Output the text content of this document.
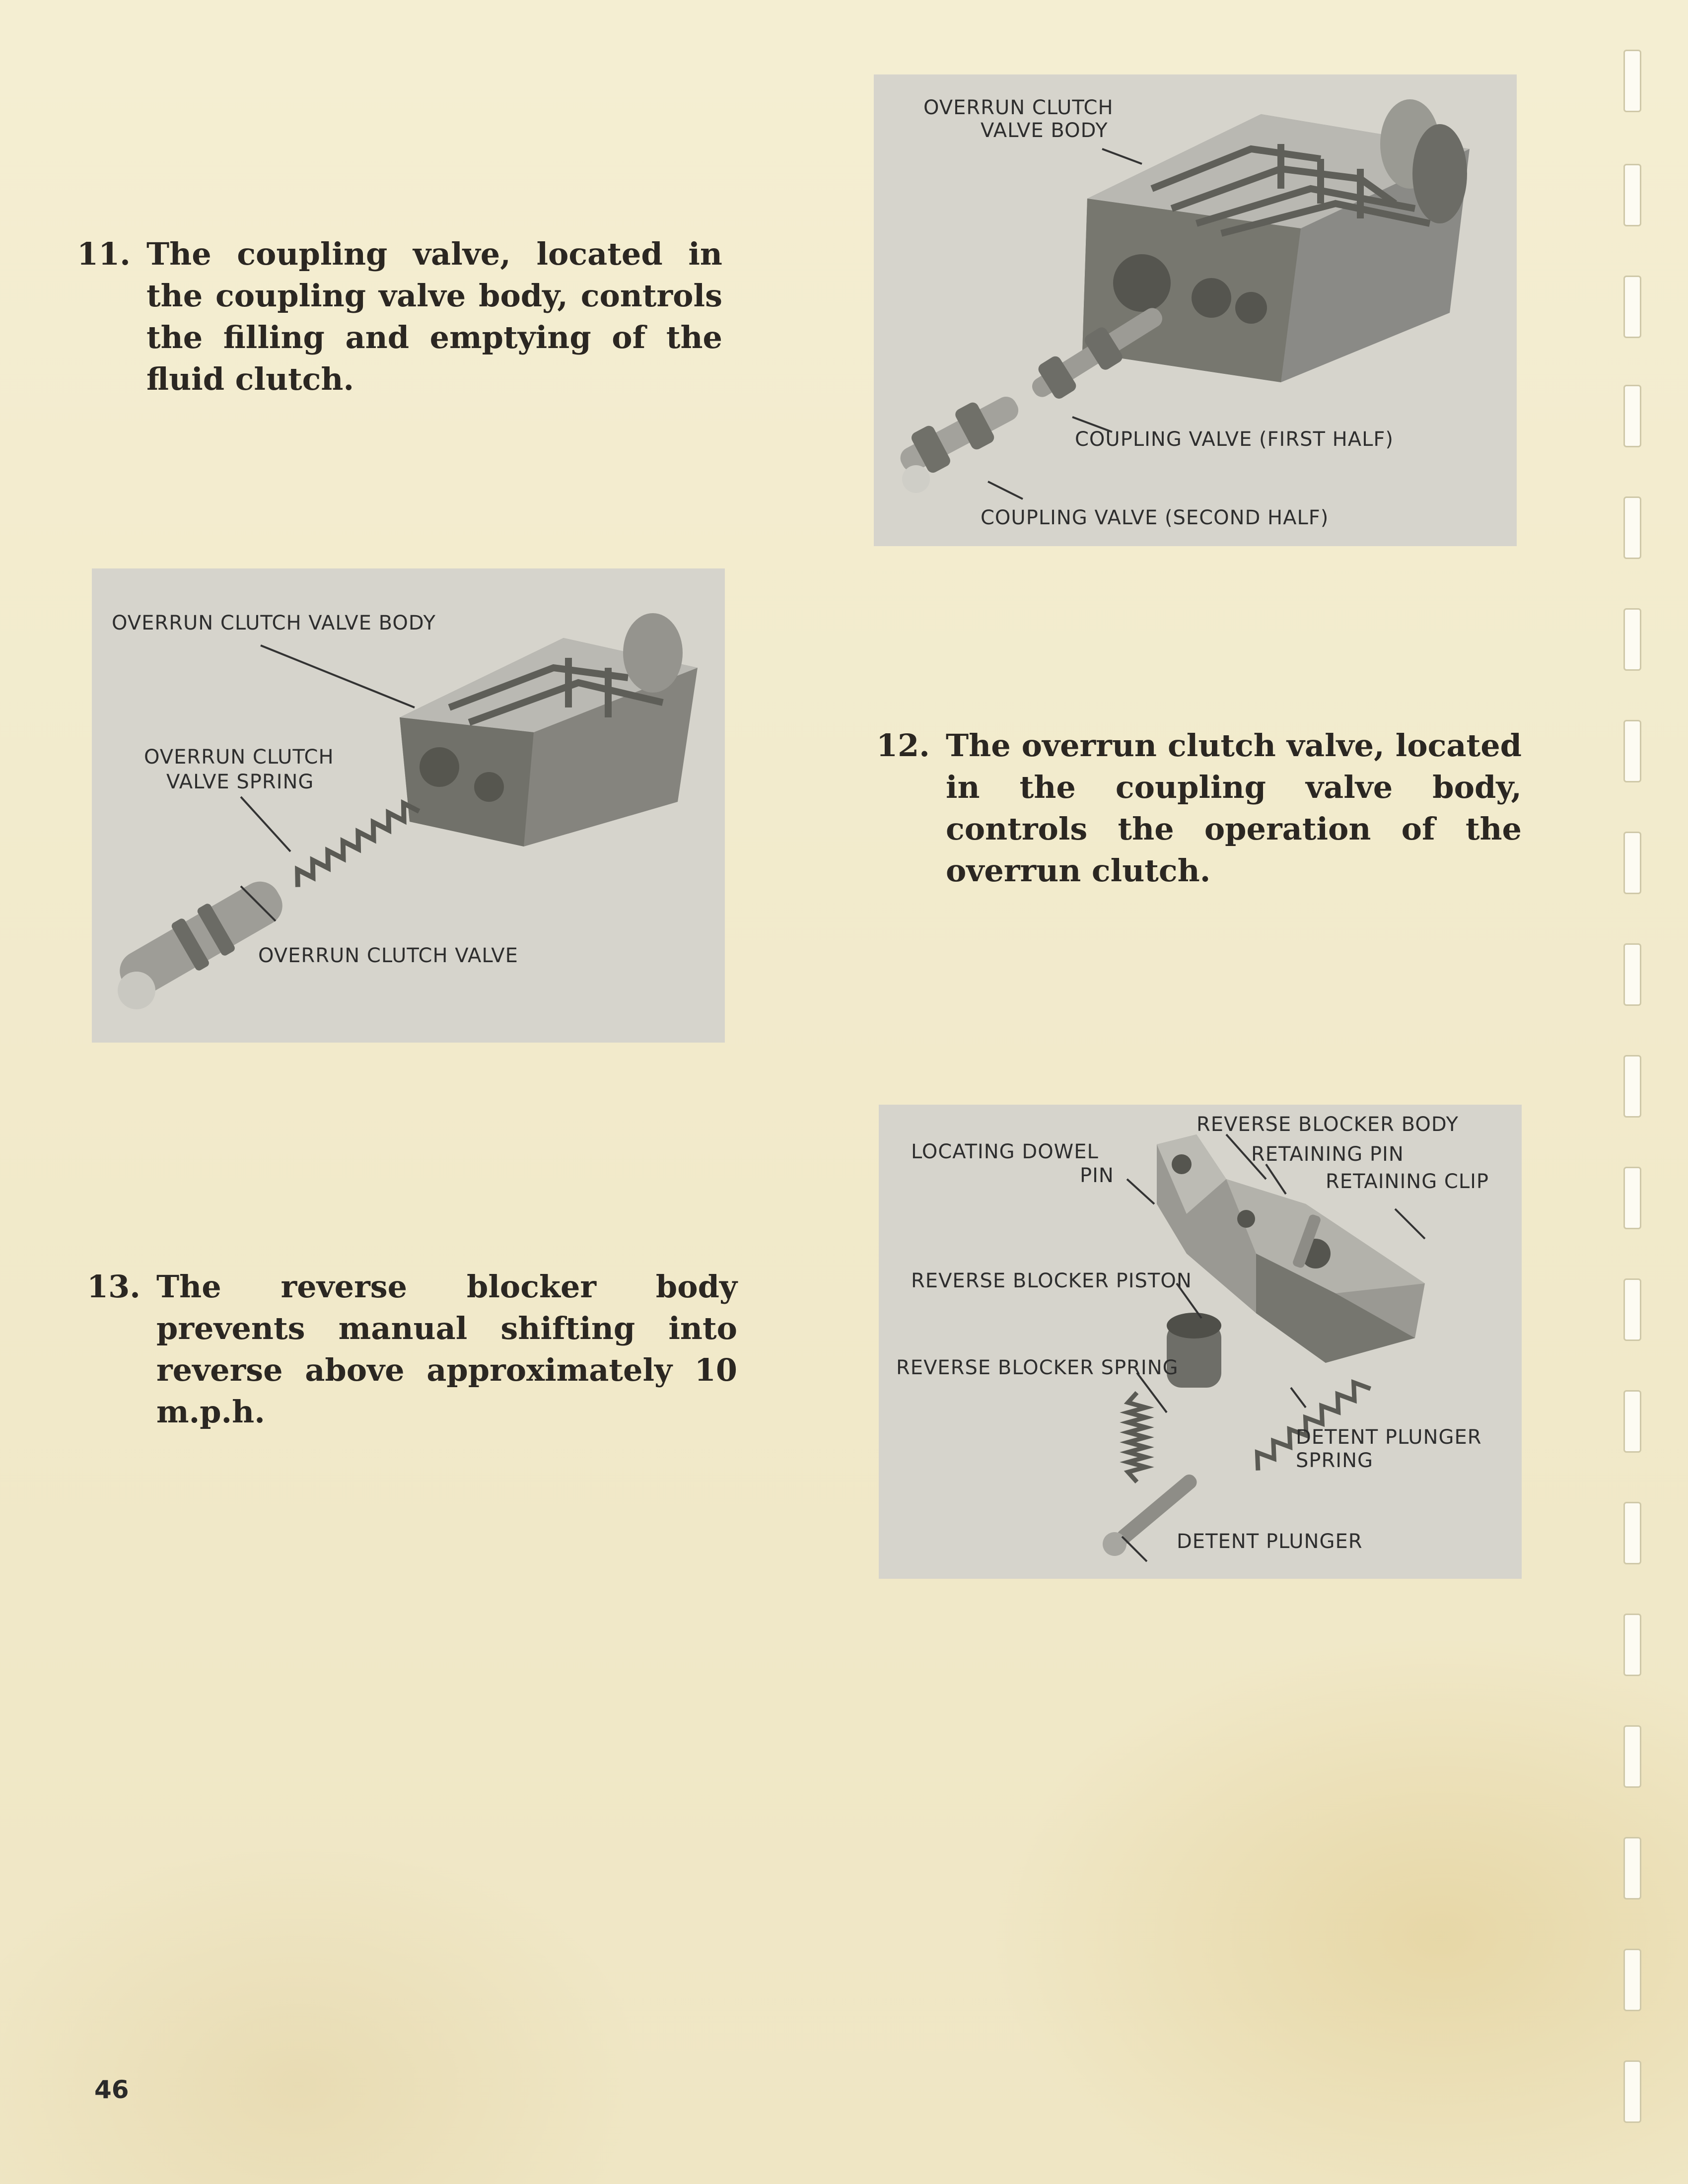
11. The coupling valve, located in the coupling valve body, controls the filling and emptying of the fluid clutch.
12. The overrun clutch valve, located in the coupling valve body, controls the operation of the overrun clutch.
13. The reverse blocker body prevents manual shifting into reverse above approximately 10 m.p.h.

OVERRUN CLUTCH

VALVE BODY

COUPLING VALVE (FIRST HALF)

COUPLING VALVE (SECOND HALF)

OVERRUN CLUTCH VALVE BODY

OVERRUN CLUTCH

VALVE SPRING

OVERRUN CLUTCH VALVE

REVERSE BLOCKER BODY

LOCATING DOWEL

PIN

RETAINING PIN

RETAINING CLIP

REVERSE BLOCKER PISTON

REVERSE BLOCKER SPRING

DETENT PLUNGER

SPRING

DETENT PLUNGER

46
